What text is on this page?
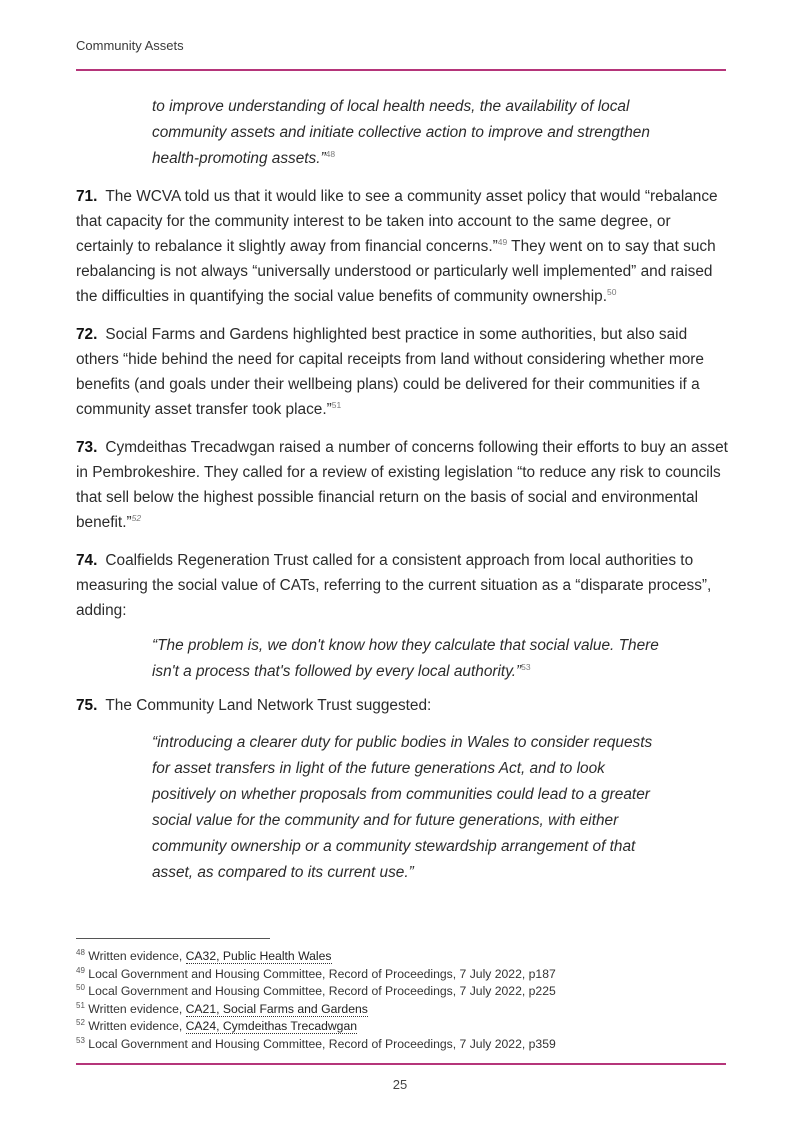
Community Assets

to improve understanding of local health needs, the availability of local community assets and initiate collective action to improve and strengthen health-promoting assets.”$^{48}$

71. The WCVA told us that it would like to see a community asset policy that would “rebalance that capacity for the community interest to be taken into account to the same degree, or certainly to rebalance it slightly away from financial concerns.”$^{49}$ They went on to say that such rebalancing is not always “universally understood or particularly well implemented” and raised the difficulties in quantifying the social value benefits of community ownership.$^{50}$

72. Social Farms and Gardens highlighted best practice in some authorities, but also said others “hide behind the need for capital receipts from land without considering whether more benefits (and goals under their wellbeing plans) could be delivered for their communities if a community asset transfer took place.”$^{51}$

73. Cymdeithas Trecadwgan raised a number of concerns following their efforts to buy an asset in Pembrokeshire. They called for a review of existing legislation “to reduce any risk to councils that sell below the highest possible financial return on the basis of social and environmental benefit.”$^{52}$

74. Coalfields Regeneration Trust called for a consistent approach from local authorities to measuring the social value of CATs, referring to the current situation as a “disparate process”, adding:

“The problem is, we don't know how they calculate that social value. There isn't a process that's followed by every local authority.”$^{53}$

75. The Community Land Network Trust suggested:

“introducing a clearer duty for public bodies in Wales to consider requests for asset transfers in light of the future generations Act, and to look positively on whether proposals from communities could lead to a greater social value for the community and for future generations, with either community ownership or a community stewardship arrangement of that asset, as compared to its current use.”

$^{48}$ Written evidence, CA32, Public Health Wales
$^{49}$ Local Government and Housing Committee, Record of Proceedings, 7 July 2022, p187
$^{50}$ Local Government and Housing Committee, Record of Proceedings, 7 July 2022, p225
$^{51}$ Written evidence, CA21, Social Farms and Gardens
$^{52}$ Written evidence, CA24, Cymdeithas Trecadwgan
$^{53}$ Local Government and Housing Committee, Record of Proceedings, 7 July 2022, p359
25
